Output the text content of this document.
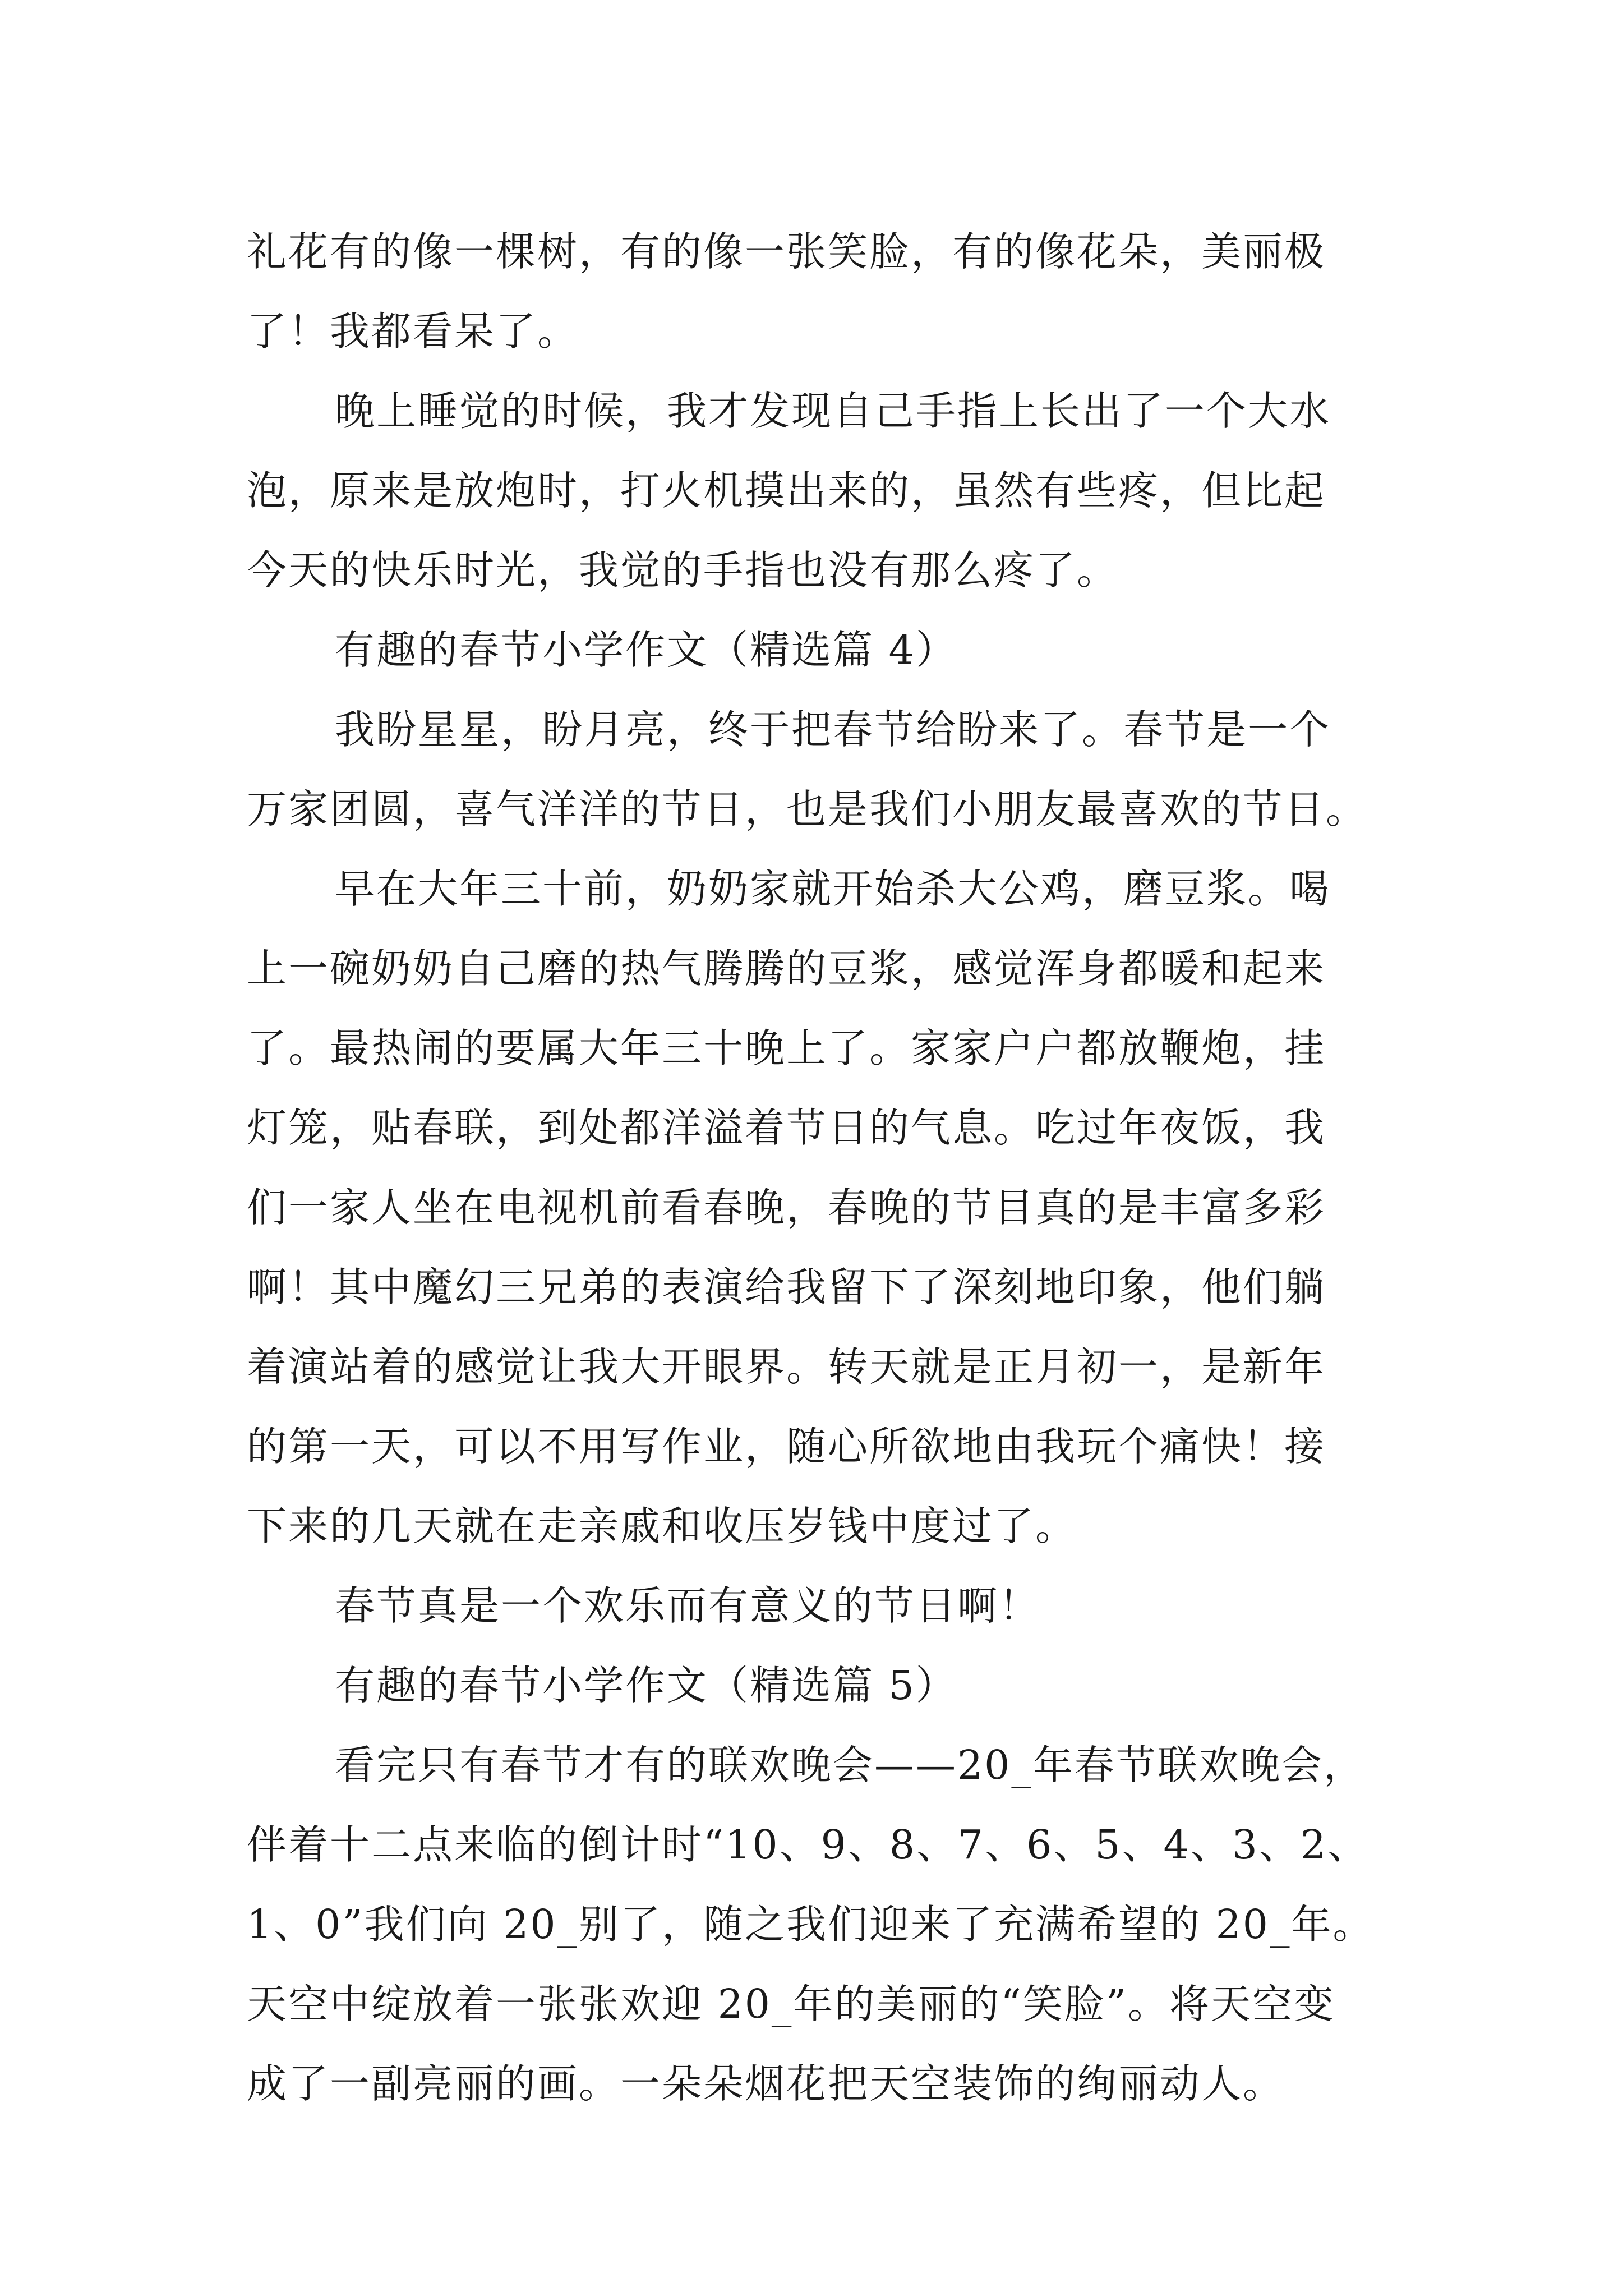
礼花有的像一棵树，有的像一张笑脸，有的像花朵，美丽极
了！我都看呆了。
晚上睡觉的时候，我才发现自己手指上长出了一个大水
泡，原来是放炮时，打火机摸出来的，虽然有些疼，但比起
今天的快乐时光，我觉的手指也没有那么疼了。
有趣的春节小学作文（精选篇 4）
我盼星星，盼月亮，终于把春节给盼来了。春节是一个
万家团圆，喜气洋洋的节日，也是我们小朋友最喜欢的节日。
早在大年三十前，奶奶家就开始杀大公鸡，磨豆浆。喝
上一碗奶奶自己磨的热气腾腾的豆浆，感觉浑身都暖和起来
了。最热闹的要属大年三十晚上了。家家户户都放鞭炮，挂
灯笼，贴春联，到处都洋溢着节日的气息。吃过年夜饭，我
们一家人坐在电视机前看春晚，春晚的节目真的是丰富多彩
啊！其中魔幻三兄弟的表演给我留下了深刻地印象，他们躺
着演站着的感觉让我大开眼界。转天就是正月初一，是新年
的第一天，可以不用写作业，随心所欲地由我玩个痛快！接
下来的几天就在走亲戚和收压岁钱中度过了。
春节真是一个欢乐而有意义的节日啊！
有趣的春节小学作文（精选篇 5）
看完只有春节才有的联欢晚会——20_年春节联欢晚会，
伴着十二点来临的倒计时“10、9、8、7、6、5、4、3、2、
1、0”我们向 20_别了，随之我们迎来了充满希望的 20_年。
天空中绽放着一张张欢迎 20_年的美丽的“笑脸”。将天空变
成了一副亮丽的画。一朵朵烟花把天空装饰的绚丽动人。
